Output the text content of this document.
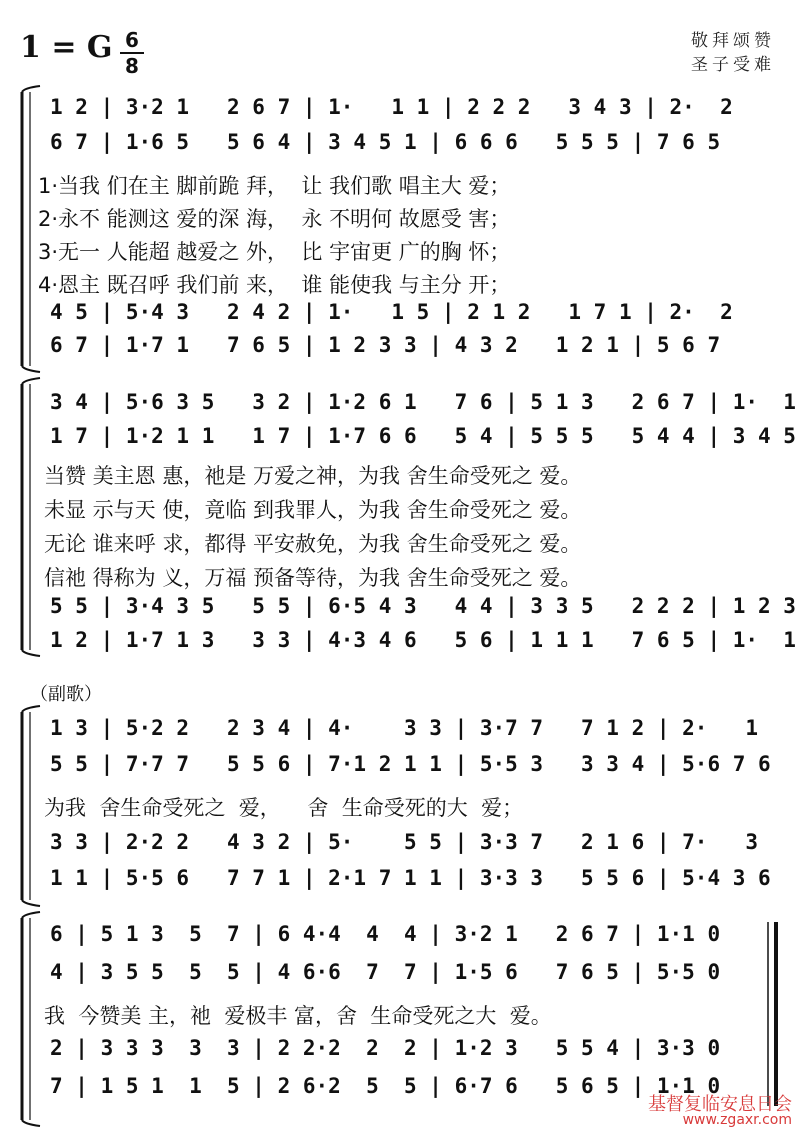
1 = G 6
8
敬拜颂赞
圣子受难
1 2 | 3·2 1   2 6 7 | 1·   1 1 | 2 2 2   3 4 3 | 2·  2
6 7 | 1·6 5   5 6 4 | 3 4 5 1 | 6 6 6   5 5 5 | 7 6 5
1·当我 们在主 脚前跪 拜，  让 我们歌 唱主大 爱；
2·永不 能测这 爱的深 海，  永 不明何 故愿受 害；
3·无一 人能超 越爱之 外，  比 宇宙更 广的胸 怀；
4·恩主 既召呼 我们前 来，  谁 能使我 与主分 开；
4 5 | 5·4 3   2 4 2 | 1·   1 5 | 2 1 2   1 7 1 | 2·  2
6 7 | 1·7 1   7 6 5 | 1 2 3 3 | 4 3 2   1 2 1 | 5 6 7
3 4 | 5·6 3 5   3 2 | 1·2 6 1   7 6 | 5 1 3   2 6 7 | 1·  1
1 7 | 1·2 1 1   1 7 | 1·7 6 6   5 4 | 5 5 5   5 4 4 | 3 4 5
当赞 美主恩 惠，祂是 万爱之神，为我 舍生命受死之 爱。
未显 示与天 使，竟临 到我罪人，为我 舍生命受死之 爱。
无论 谁来呼 求，都得 平安赦免，为我 舍生命受死之 爱。
信祂 得称为 义，万福 预备等待，为我 舍生命受死之 爱。
5 5 | 3·4 3 5   5 5 | 6·5 4 3   4 4 | 3 3 5   2 2 2 | 1 2 3
1 2 | 1·7 1 3   3 3 | 4·3 4 6   5 6 | 1 1 1   7 6 5 | 1·  1
（副歌）
1 3 | 5·2 2   2 3 4 | 4·    3 3 | 3·7 7   7 1 2 | 2·   1
5 5 | 7·7 7   5 5 6 | 7·1 2 1 1 | 5·5 3   3 3 4 | 5·6 7 6
为我  舍生命受死之  爱，    舍  生命受死的大  爱；
3 3 | 2·2 2   4 3 2 | 5·    5 5 | 3·3 7   2 1 6 | 7·   3
1 1 | 5·5 6   7 7 1 | 2·1 7 1 1 | 3·3 3   5 5 6 | 5·4 3 6
6 | 5 1 3  5  7 | 6 4·4  4  4 | 3·2 1   2 6 7 | 1·1 0
4 | 3 5 5  5  5 | 4 6·6  7  7 | 1·5 6   7 6 5 | 5·5 0
我  今赞美 主，祂  爱极丰 富，舍  生命受死之大  爱。
2 | 3 3 3  3  3 | 2 2·2  2  2 | 1·2 3   5 5 4 | 3·3 0
7 | 1 5 1  1  5 | 2 6·2  5  5 | 6·7 6   5 6 5 | 1·1 0
基督复临安息日会
www.zgaxr.com
